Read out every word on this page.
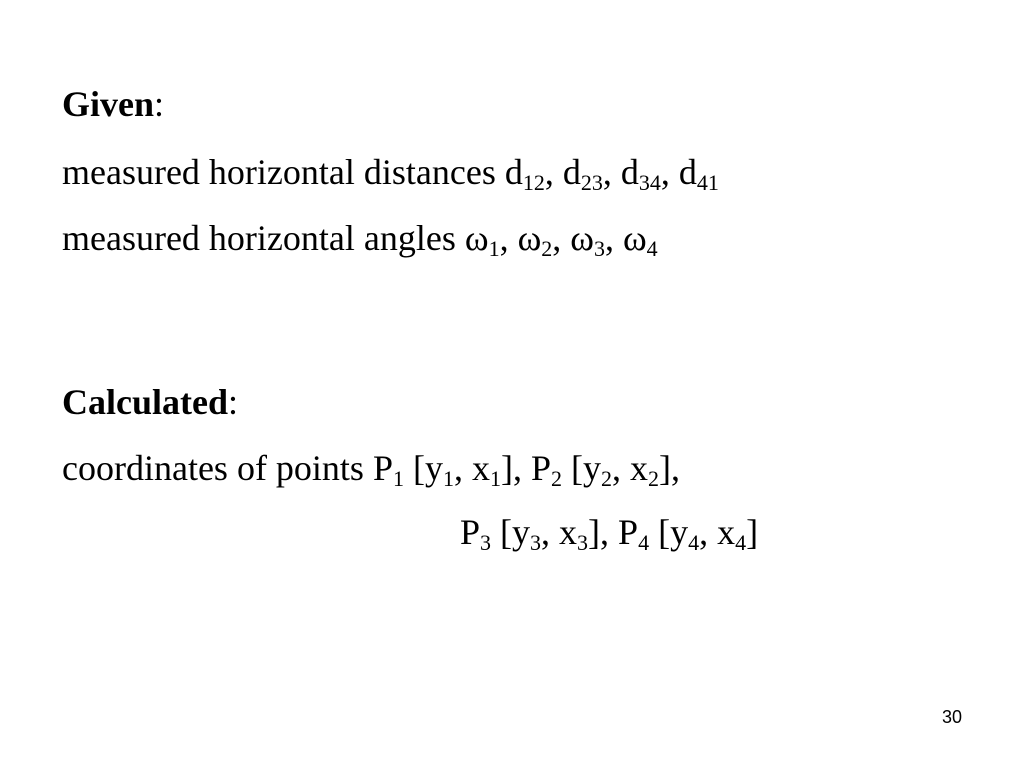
Given:
measured horizontal distances $d_{12}$, $d_{23}$, $d_{34}$, $d_{41}$
measured horizontal angles $\omega_1$, $\omega_2$, $\omega_3$, $\omega_4$
Calculated:
coordinates of points $P_1$ [$y_1$, $x_1$], $P_2$ [$y_2$, $x_2$],
$P_3$ [$y_3$, $x_3$], $P_4$ [$y_4$, $x_4$]
30
